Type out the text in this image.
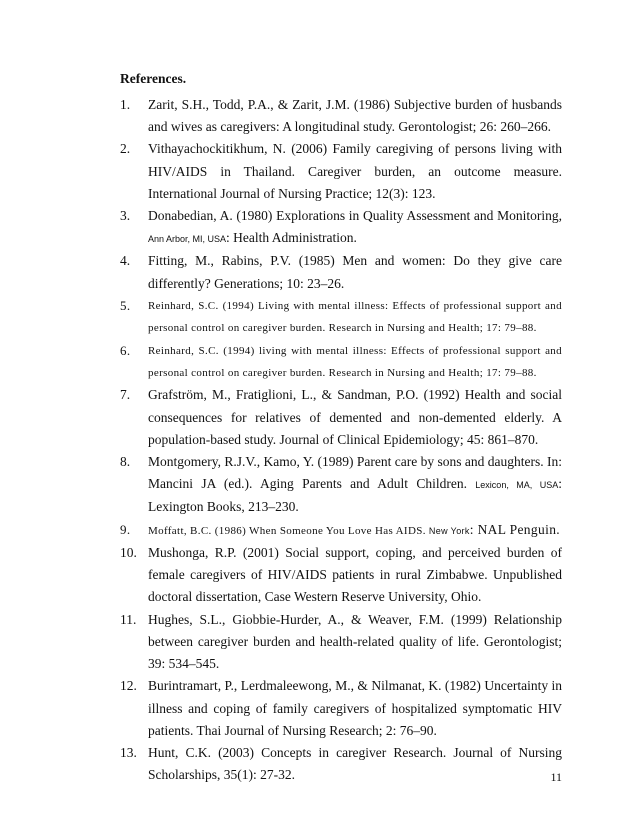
References.
1. Zarit, S.H., Todd, P.A., & Zarit, J.M. (1986) Subjective burden of husbands and wives as caregivers: A longitudinal study. Gerontologist; 26: 260–266.
2. Vithayachockitikhum, N. (2006) Family caregiving of persons living with HIV/AIDS in Thailand. Caregiver burden, an outcome measure. International Journal of Nursing Practice; 12(3): 123.
3. Donabedian, A. (1980) Explorations in Quality Assessment and Monitoring, Ann Arbor, MI, USA: Health Administration.
4. Fitting, M., Rabins, P.V. (1985) Men and women: Do they give care differently? Generations; 10: 23–26.
5. Reinhard, S.C. (1994) Living with mental illness: Effects of professional support and personal control on caregiver burden. Research in Nursing and Health; 17: 79–88.
6. Reinhard, S.C. (1994) living with mental illness: Effects of professional support and personal control on caregiver burden. Research in Nursing and Health; 17: 79–88.
7. Grafström, M., Fratiglioni, L., & Sandman, P.O. (1992) Health and social consequences for relatives of demented and non-demented elderly. A population-based study. Journal of Clinical Epidemiology; 45: 861–870.
8. Montgomery, R.J.V., Kamo, Y. (1989) Parent care by sons and daughters. In: Mancini JA (ed.). Aging Parents and Adult Children. Lexicon, MA, USA: Lexington Books, 213–230.
9. Moffatt, B.C. (1986) When Someone You Love Has AIDS. New York: NAL Penguin.
10. Mushonga, R.P. (2001) Social support, coping, and perceived burden of female caregivers of HIV/AIDS patients in rural Zimbabwe. Unpublished doctoral dissertation, Case Western Reserve University, Ohio.
11. Hughes, S.L., Giobbie-Hurder, A., & Weaver, F.M. (1999) Relationship between caregiver burden and health-related quality of life. Gerontologist; 39: 534–545.
12. Burintramart, P., Lerdmaleewong, M., & Nilmanat, K. (1982) Uncertainty in illness and coping of family caregivers of hospitalized symptomatic HIV patients. Thai Journal of Nursing Research; 2: 76–90.
13. Hunt, C.K. (2003) Concepts in caregiver Research. Journal of Nursing Scholarships, 35(1): 27-32.	11
